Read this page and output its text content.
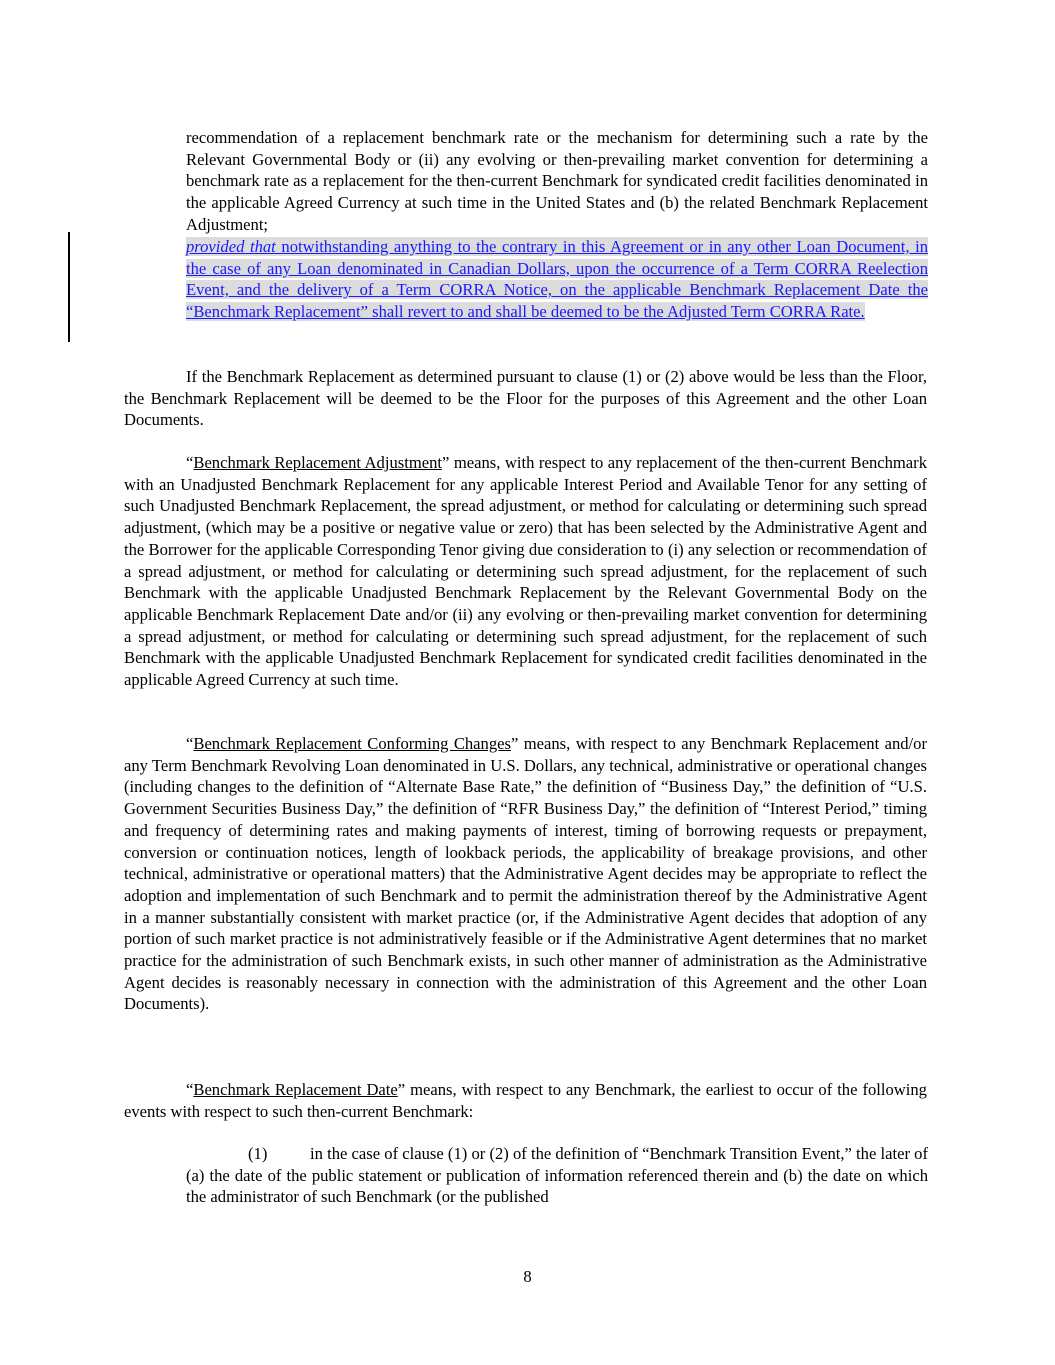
recommendation of a replacement benchmark rate or the mechanism for determining such a rate by the Relevant Governmental Body or (ii) any evolving or then-prevailing market convention for determining a benchmark rate as a replacement for the then-current Benchmark for syndicated credit facilities denominated in the applicable Agreed Currency at such time in the United States and (b) the related Benchmark Replacement Adjustment;

provided that notwithstanding anything to the contrary in this Agreement or in any other Loan Document, in the case of any Loan denominated in Canadian Dollars, upon the occurrence of a Term CORRA Reelection Event, and the delivery of a Term CORRA Notice, on the applicable Benchmark Replacement Date the “Benchmark Replacement” shall revert to and shall be deemed to be the Adjusted Term CORRA Rate.

If the Benchmark Replacement as determined pursuant to clause (1) or (2) above would be less than the Floor, the Benchmark Replacement will be deemed to be the Floor for the purposes of this Agreement and the other Loan Documents.

“Benchmark Replacement Adjustment” means, with respect to any replacement of the then-current Benchmark with an Unadjusted Benchmark Replacement for any applicable Interest Period and Available Tenor for any setting of such Unadjusted Benchmark Replacement, the spread adjustment, or method for calculating or determining such spread adjustment, (which may be a positive or negative value or zero) that has been selected by the Administrative Agent and the Borrower for the applicable Corresponding Tenor giving due consideration to (i) any selection or recommendation of a spread adjustment, or method for calculating or determining such spread adjustment, for the replacement of such Benchmark with the applicable Unadjusted Benchmark Replacement by the Relevant Governmental Body on the applicable Benchmark Replacement Date and/or (ii) any evolving or then-prevailing market convention for determining a spread adjustment, or method for calculating or determining such spread adjustment, for the replacement of such Benchmark with the applicable Unadjusted Benchmark Replacement for syndicated credit facilities denominated in the applicable Agreed Currency at such time.

“Benchmark Replacement Conforming Changes” means, with respect to any Benchmark Replacement and/or any Term Benchmark Revolving Loan denominated in U.S. Dollars, any technical, administrative or operational changes (including changes to the definition of “Alternate Base Rate,” the definition of “Business Day,” the definition of “U.S. Government Securities Business Day,” the definition of “RFR Business Day,” the definition of “Interest Period,” timing and frequency of determining rates and making payments of interest, timing of borrowing requests or prepayment, conversion or continuation notices, length of lookback periods, the applicability of breakage provisions, and other technical, administrative or operational matters) that the Administrative Agent decides may be appropriate to reflect the adoption and implementation of such Benchmark and to permit the administration thereof by the Administrative Agent in a manner substantially consistent with market practice (or, if the Administrative Agent decides that adoption of any portion of such market practice is not administratively feasible or if the Administrative Agent determines that no market practice for the administration of such Benchmark exists, in such other manner of administration as the Administrative Agent decides is reasonably necessary in connection with the administration of this Agreement and the other Loan Documents).

“Benchmark Replacement Date” means, with respect to any Benchmark, the earliest to occur of the following events with respect to such then-current Benchmark:

(1)	in the case of clause (1) or (2) of the definition of “Benchmark Transition Event,” the later of (a) the date of the public statement or publication of information referenced therein and (b) the date on which the administrator of such Benchmark (or the published

8
